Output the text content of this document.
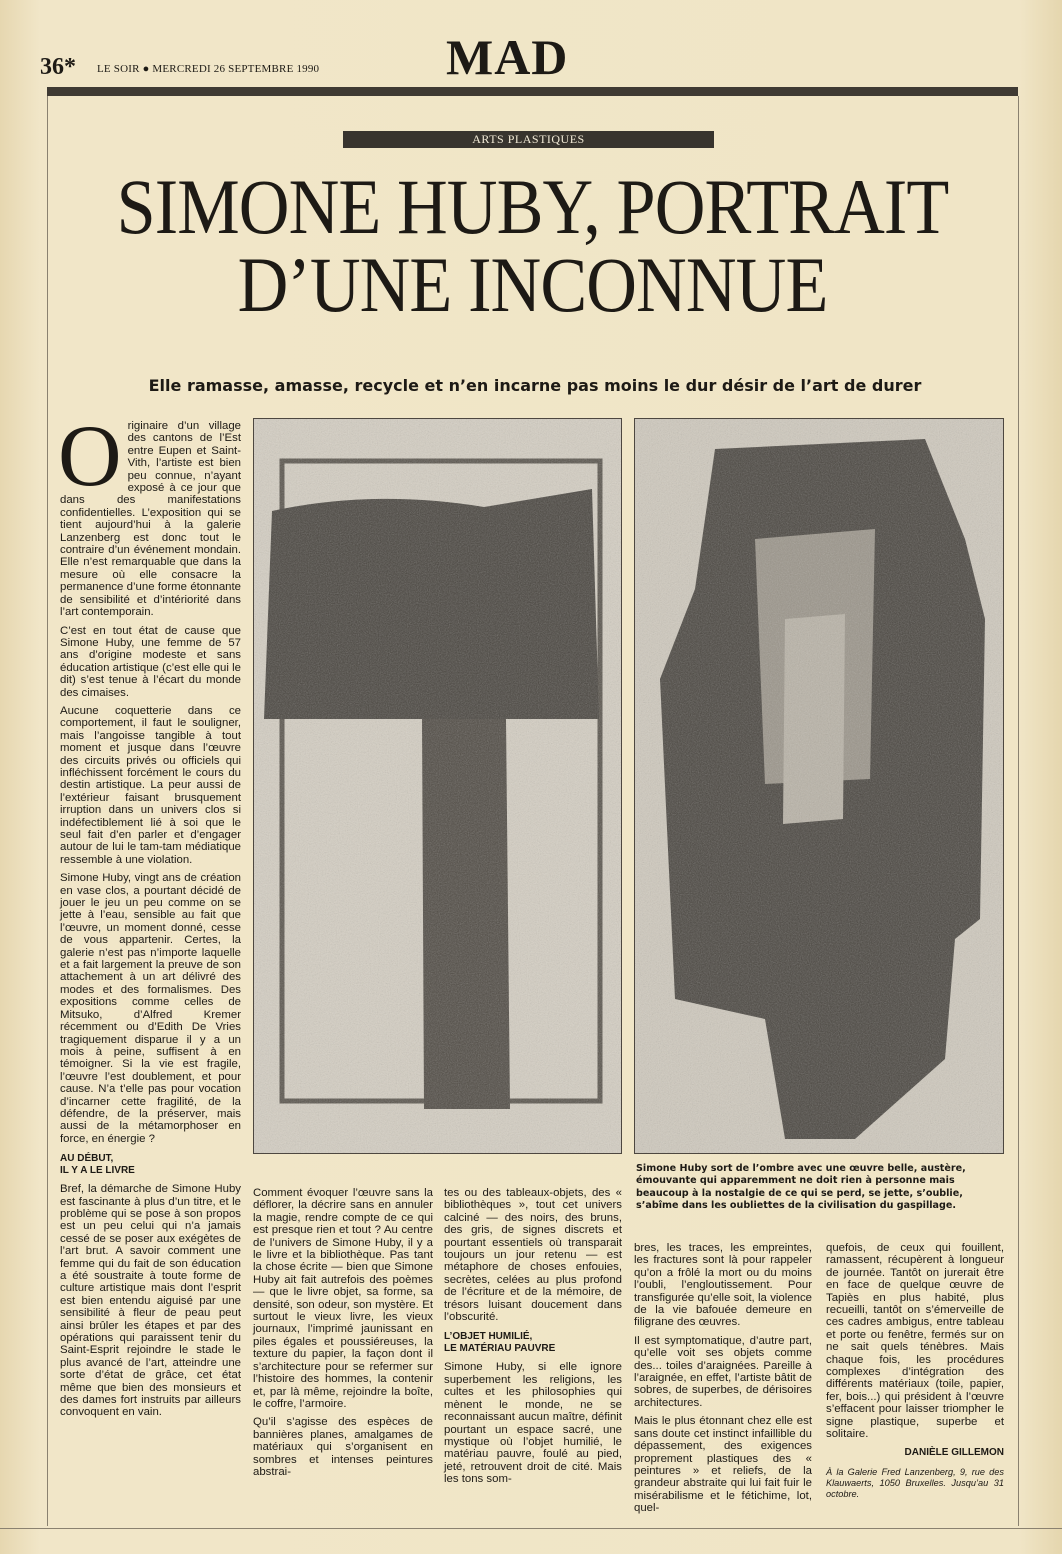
36* LE SOIR ● MERCREDI 26 SEPTEMBRE 1990	MAD
ARTS PLASTIQUES
SIMONE HUBY, PORTRAIT
D’UNE INCONNUE
Elle ramasse, amasse, recycle et n’en incarne pas moins le dur désir de l’art de durer

Originaire d’un village des cantons de l’Est entre Eupen et Saint-Vith, l’artiste est bien peu connue, n’ayant exposé à ce jour que dans des manifestations confidentielles. L’exposition qui se tient aujourd’hui à la galerie Lanzenberg est donc tout le contraire d’un événement mondain. Elle n’est remarquable que dans la mesure où elle consacre la permanence d’une forme étonnante de sensibilité et d’intériorité dans l’art contemporain.

C’est en tout état de cause que Simone Huby, une femme de 57 ans d’origine modeste et sans éducation artistique (c’est elle qui le dit) s’est tenue à l’écart du monde des cimaises.

Aucune coquetterie dans ce comportement, il faut le souligner, mais l’angoisse tangible à tout moment et jusque dans l’œuvre des circuits privés ou officiels qui infléchissent forcément le cours du destin artistique. La peur aussi de l’extérieur faisant brusquement irruption dans un univers clos si indéfectiblement lié à soi que le seul fait d’en parler et d’engager autour de lui le tam-tam médiatique ressemble à une violation.

Simone Huby, vingt ans de création en vase clos, a pourtant décidé de jouer le jeu un peu comme on se jette à l’eau, sensible au fait que l’œuvre, un moment donné, cesse de vous appartenir. Certes, la galerie n’est pas n’importe laquelle et a fait largement la preuve de son attachement à un art délivré des modes et des formalismes. Des expositions comme celles de Mitsuko, d’Alfred Kremer récemment ou d’Edith De Vries tragiquement disparue il y a un mois à peine, suffisent à en témoigner. Si la vie est fragile, l’œuvre l’est doublement, et pour cause. N’a t’elle pas pour vocation d’incarner cette fragilité, de la défendre, de la préserver, mais aussi de la métamorphoser en force, en énergie ?

AU DÉBUT,
IL Y A LE LIVRE

Bref, la démarche de Simone Huby est fascinante à plus d’un titre, et le problème qui se pose à son propos est un peu celui qui n’a jamais cessé de se poser aux exégètes de l’art brut. A savoir comment une femme qui du fait de son éducation a été soustraite à toute forme de culture artistique mais dont l’esprit est bien entendu aiguisé par une sensibilité à fleur de peau peut ainsi brûler les étapes et par des opérations qui paraissent tenir du Saint-Esprit rejoindre le stade le plus avancé de l’art, atteindre une sorte d’état de grâce, cet état même que bien des monsieurs et des dames fort instruits par ailleurs convoquent en vain.

Simone Huby sort de l’ombre avec une œuvre belle, austère, émouvante qui apparemment ne doit rien à personne mais beaucoup à la nostalgie de ce qui se perd, se jette, s’oublie, s’abîme dans les oubliettes de la civilisation du gaspillage.

Comment évoquer l’œuvre sans la déflorer, la décrire sans en annuler la magie, rendre compte de ce qui est presque rien et tout ? Au centre de l’univers de Simone Huby, il y a le livre et la bibliothèque. Pas tant la chose écrite — bien que Simone Huby ait fait autrefois des poèmes — que le livre objet, sa forme, sa densité, son odeur, son mystère. Et surtout le vieux livre, les vieux journaux, l’imprimé jaunissant en piles égales et poussiéreuses, la texture du papier, la façon dont il s’architecture pour se refermer sur l’histoire des hommes, la contenir et, par là même, rejoindre la boîte, le coffre, l’armoire.

Qu’il s’agisse des espèces de bannières planes, amalgames de matériaux qui s’organisent en sombres et intenses peintures abstrai-

tes ou des tableaux-objets, des « bibliothèques », tout cet univers calciné — des noirs, des bruns, des gris, de signes discrets et pourtant essentiels où transparait toujours un jour retenu — est métaphore de choses enfouies, secrètes, celées au plus profond de l’écriture et de la mémoire, de trésors luisant doucement dans l’obscurité.

L’OBJET HUMILIÉ,
LE MATÉRIAU PAUVRE

Simone Huby, si elle ignore superbement les religions, les cultes et les philosophies qui mènent le monde, ne se reconnaissant aucun maître, définit pourtant un espace sacré, une mystique où l’objet humilié, le matériau pauvre, foulé au pied, jeté, retrouvent droit de cité. Mais les tons som-

bres, les traces, les empreintes, les fractures sont là pour rappeler qu’on a frôlé la mort ou du moins l’oubli, l’engloutissement. Pour transfigurée qu’elle soit, la violence de la vie bafouée demeure en filigrane des œuvres.

Il est symptomatique, d’autre part, qu’elle voit ses objets comme des... toiles d’araignées. Pareille à l’araignée, en effet, l’artiste bâtit de sobres, de superbes, de dérisoires architectures.

Mais le plus étonnant chez elle est sans doute cet instinct infaillible du dépassement, des exigences proprement plastiques des « peintures » et reliefs, de la grandeur abstraite qui lui fait fuir le misérabilisme et le fétichime, lot, quel-

quefois, de ceux qui fouillent, ramassent, récupèrent à longueur de journée. Tantôt on jurerait être en face de quelque œuvre de Tapiès en plus habité, plus recueilli, tantôt on s’émerveille de ces cadres ambigus, entre tableau et porte ou fenêtre, fermés sur on ne sait quels ténèbres. Mais chaque fois, les procédures complexes d’intégration des différents matériaux (toile, papier, fer, bois...) qui président à l’œuvre s’effacent pour laisser triompher le signe plastique, superbe et solitaire.

DANIÈLE GILLEMON
À la Galerie Fred Lanzenberg, 9, rue des Klauwaerts, 1050 Bruxelles. Jusqu’au 31 octobre.
